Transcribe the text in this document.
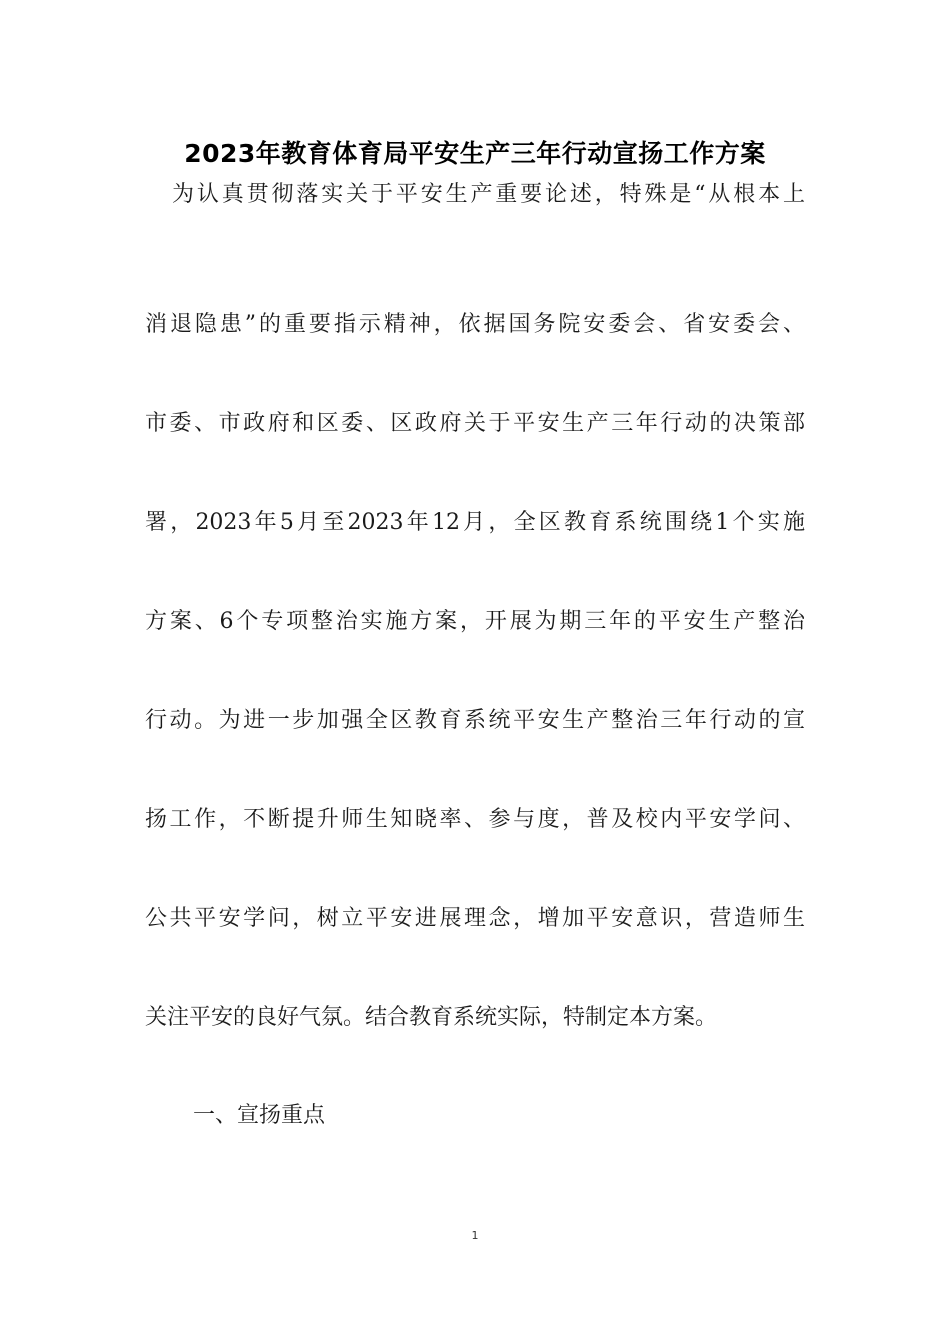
2023年教育体育局平安生产三年行动宣扬工作方案
为认真贯彻落实关于平安生产重要论述，特殊是“从根本上
消退隐患”的重要指示精神，依据国务院安委会、省安委会、
市委、市政府和区委、区政府关于平安生产三年行动的决策部
署，2023年5月至2023年12月，全区教育系统围绕1个实施
方案、6个专项整治实施方案，开展为期三年的平安生产整治
行动。为进一步加强全区教育系统平安生产整治三年行动的宣
扬工作，不断提升师生知晓率、参与度，普及校内平安学问、
公共平安学问，树立平安进展理念，增加平安意识，营造师生
关注平安的良好气氛。结合教育系统实际，特制定本方案。
一、宣扬重点
1
